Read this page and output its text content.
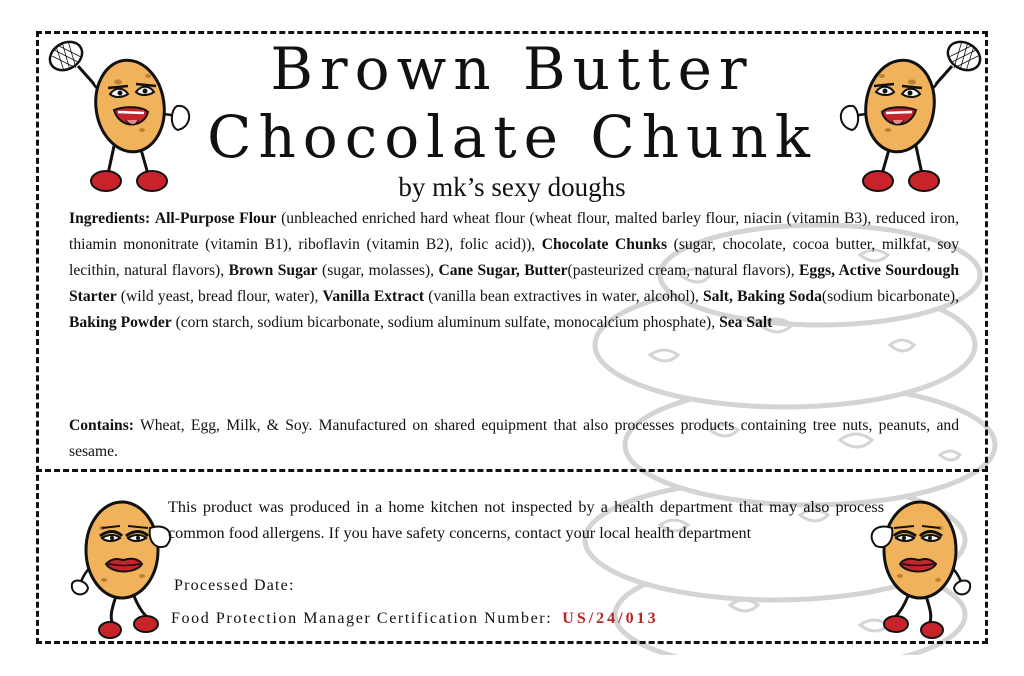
Brown Butter
Chocolate Chunk
by mk’s sexy doughs
Ingredients: All-Purpose Flour (unbleached enriched hard wheat flour (wheat flour, malted barley flour, niacin (vitamin B3), reduced iron, thiamin mononitrate (vitamin B1), riboflavin (vitamin B2), folic acid)), Chocolate Chunks (sugar, chocolate, cocoa butter, milkfat, soy lecithin, natural flavors), Brown Sugar (sugar, molasses), Cane Sugar, Butter(pasteurized cream, natural flavors), Eggs, Active Sourdough Starter (wild yeast, bread flour, water), Vanilla Extract (vanilla bean extractives in water, alcohol), Salt, Baking Soda(sodium bicarbonate), Baking Powder (corn starch, sodium bicarbonate, sodium aluminum sulfate, monocalcium phosphate), Sea Salt
Contains: Wheat, Egg, Milk, & Soy. Manufactured on shared equipment that also processes products containing tree nuts, peanuts, and sesame.
This product was produced in a home kitchen not inspected by a health department that may also process common food allergens. If you have safety concerns, contact your local health department
Processed Date:
Food Protection Manager Certification Number: US/24/013
